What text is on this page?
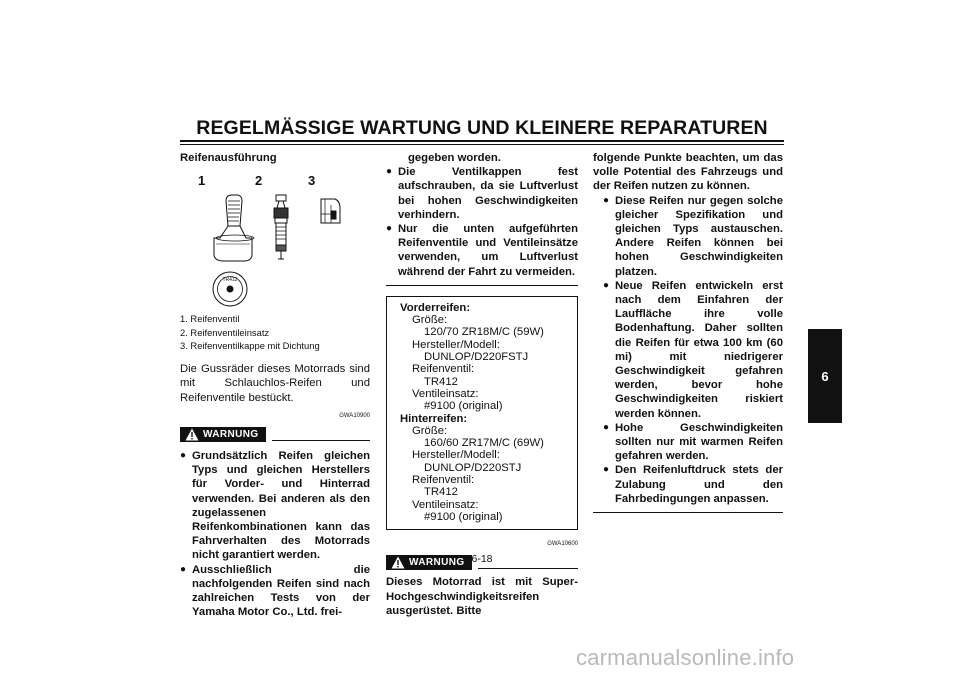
REGELMÄSSIGE WARTUNG UND KLEINERE REPARATUREN
6
Reifenausführung
TR412
1	2	3
1. Reifenventil
2. Reifenventileinsatz
3. Reifenventilkappe mit Dichtung
Die Gussräder dieses Motorrads sind mit Schlauchlos-Reifen und Reifenventile bestückt.
GWA10900
WARNUNG
● Grundsätzlich Reifen gleichen Typs und gleichen Herstellers für Vorder- und Hinterrad verwenden. Bei anderen als den zugelassenen Reifenkombinationen kann das Fahrverhalten des Motorrads nicht garantiert werden.
● Ausschließlich die nachfolgenden Reifen sind nach zahlreichen Tests von der Yamaha Motor Co., Ltd. frei-
gegeben worden.
● Die Ventilkappen fest aufschrauben, da sie Luftverlust bei hohen Geschwindigkeiten verhindern.
● Nur die unten aufgeführten Reifenventile und Ventileinsätze verwenden, um Luftverlust während der Fahrt zu vermeiden.
Vorderreifen:
Größe:
120/70 ZR18M/C (59W)
Hersteller/Modell:
DUNLOP/D220FSTJ
Reifenventil:
TR412
Ventileinsatz:
#9100 (original)
Hinterreifen:
Größe:
160/60 ZR17M/C (69W)
Hersteller/Modell:
DUNLOP/D220STJ
Reifenventil:
TR412
Ventileinsatz:
#9100 (original)
GWA10600
WARNUNG
Dieses Motorrad ist mit Super-Hochgeschwindigkeitsreifen ausgerüstet. Bitte
folgende Punkte beachten, um das volle Potential des Fahrzeugs und der Reifen nutzen zu können.
● Diese Reifen nur gegen solche gleicher Spezifikation und gleichen Typs austauschen. Andere Reifen können bei hohen Geschwindigkeiten platzen.
● Neue Reifen entwickeln erst nach dem Einfahren der Lauffläche ihre volle Bodenhaftung. Daher sollten die Reifen für etwa 100 km (60 mi) mit niedrigerer Geschwindigkeit gefahren werden, bevor hohe Geschwindigkeiten riskiert werden können.
● Hohe Geschwindigkeiten sollten nur mit warmen Reifen gefahren werden.
● Den Reifenluftdruck stets der Zulabung und den Fahrbedingungen anpassen.
6-18
carmanualsonline.info
